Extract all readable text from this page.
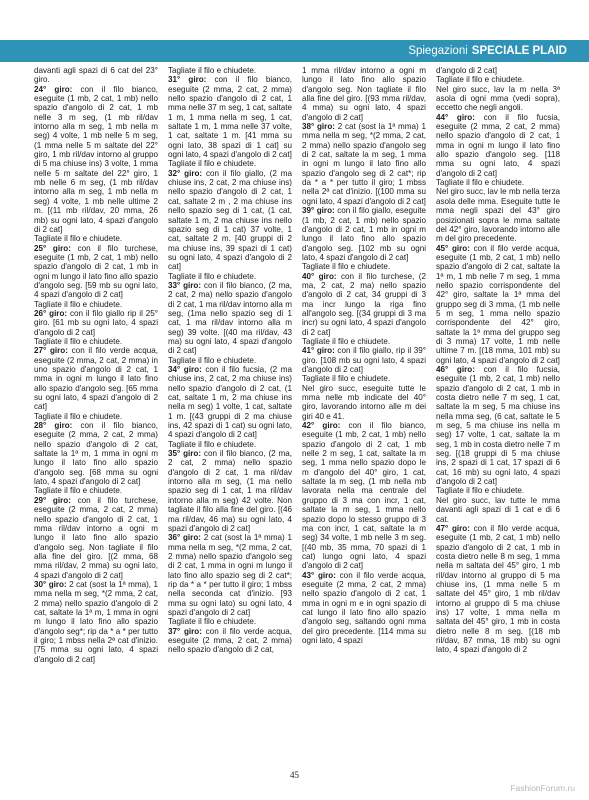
Spiegazioni SPECIALE PLAID

davanti agli spazi di 6 cat del 23° giro.

24° giro: con il filo bianco, eseguite (1 mb, 2 cat, 1 mb) nello spazio d'angolo di 2 cat, 1 mb nelle 3 m seg, (1 mb ril/dav intorno alla m seg, 1 mb nella m seg) 4 volte, 1 mb nelle 5 m seg, (1 mma nelle 5 m saltate del 22° giro, 1 mb ril/dav intorno al gruppo di 5 ma chiuse ins) 3 volte, 1 mma nelle 5 m saltate del 22° giro, 1 mb nelle 6 m seg, (1 mb ril/dav intorno alla m seg, 1 mb nella m seg) 4 volte, 1 mb nelle ultime 2 m. [(11 mb ril/dav, 20 mma, 26 mb) su ogni lato, 4 spazi d'angolo di 2 cat]

Tagliate il filo e chiudete.

25° giro: con il filo turchese, eseguite (1 mb, 2 cat, 1 mb) nello spazio d'angolo di 2 cat, 1 mb in ogni m lungo il lato fino allo spazio d'angolo seg. [59 mb su ogni lato, 4 spazi d'angolo di 2 cat]

Tagliate il filo e chiudete.

26° giro: con il filo giallo rip il 25° giro. [61 mb su ogni lato, 4 spazi d'angolo di 2 cat]

Tagliate il filo e chiudete.

27° giro: con il filo verde acqua, eseguite (2 mma, 2 cat, 2 mma) in uno spazio d'angolo di 2 cat, 1 mma in ogni m lungo il lato fino allo spazio d'angolo seg. [65 mma su ogni lato, 4 spazi d'angolo di 2 cat]

Tagliate il filo e chiudete.

28° giro: con il filo bianco, eseguite (2 mma, 2 cat, 2 mma) nello spazio d'angolo di 2 cat, saltate la 1ª m, 1 mma in ogni m lungo il lato fino allo spazio d'angolo seg. [68 mma su ogni lato, 4 spazi d'angolo di 2 cat]

Tagliate il filo e chiudete.

29° giro: con il filo turchese, eseguite (2 mma, 2 cat, 2 mma) nello spazio d'angolo di 2 cat, 1 mma ril/dav intorno a ogni m lungo il lato fino allo spazio d'angolo seg. Non tagliate il filo alla fine del giro. [(2 mma, 68 mma ril/dav, 2 mma) su ogni lato, 4 spazi d'angolo di 2 cat]

30° giro: 2 cat (sost la 1ª mma), 1 mma nella m seg, *(2 mma, 2 cat, 2 mma) nello spazio d'angolo di 2 cat, saltate la 1ª m, 1 mma in ogni m lungo il lato fino allo spazio d'angolo seg*; rip da * a * per tutto il giro; 1 mbss nella 2ª cat d'inizio. [75 mma su ogni lato, 4 spazi d'angolo di 2 cat]

Tagliate il filo e chiudete.

31° giro: con il filo bianco, eseguite (2 mma, 2 cat, 2 mma) nello spazio d'angolo di 2 cat, 1 mma nelle 37 m seg, 1 cat, saltate 1 m, 1 mma nella m seg, 1 cat, saltate 1 m, 1 mma nelle 37 volte, 1 cat, saltate 1 m. [41 mma su ogni lato, 38 spazi di 1 cat] su ogni lato, 4 spazi d'angolo di 2 cat]

Tagliate il filo e chiudete.

32° giro: con il filo giallo, (2 ma chiuse ins, 2 cat, 2 ma chiuse ins) nello spazio d'angolo di 2 cat, 1 cat, saltate 2 m , 2 ma chiuse ins nello spazio seg di 1 cat, (1 cat, saltate 1 m, 2 ma chiuse ins nello spazio seg di 1 cat) 37 volte, 1 cat, saltate 2 m. [40 gruppi di 2 ma chiuse ins, 39 spazi di 1 cat) su ogni lato, 4 spazi d'angolo di 2 cat]

Tagliate il filo e chiudete.

33° giro: con il filo bianco, (2 ma, 2 cat, 2 ma) nello spazio d'angolo di 2 cat, 1 ma ril/dav intorno alla m seg, (1ma nello spazio seg di 1 cat, 1 ma ril/dav intorno alla m seg) 39 volte. [(40 ma ril/dav, 43 ma) su ogni lato, 4 spazi d'angolo di 2 cat]

Tagliate il filo e chiudete.

34° giro: con il filo fucsia, (2 ma chiuse ins, 2 cat, 2 ma chiuse ins) nello spazio d'angolo di 2 cat, (1 cat, saltate 1 m, 2 ma chiuse ins nella m seg) 1 volte, 1 cat, saltate 1 m. [(43 gruppi di 2 ma chiuse ins, 42 spazi di 1 cat) su ogni lato, 4 spazi d'angolo di 2 cat]

Tagliate il filo e chiudete.

35° giro: con il filo bianco, (2 ma, 2 cat, 2 mma) nello spazio d'angolo di 2 cat, 1 ma ril/dav intorno alla m seg, (1 ma nello spazio seg di 1 cat, 1 ma ril/dav intorno alla m seg) 42 volte. Non tagliate il filo alla fine del giro. [(46 ma ril/dav, 46 ma) su ogni lato, 4 spazi d'angolo di 2 cat]

36° giro: 2 cat (sost la 1ª mma) 1 mma nella m seg, *(2 mma, 2 cat, 2 mma) nello spazio d'angolo seg di 2 cat, 1 mma in ogni m lungo il lato fino allo spazio seg di 2 cat*; rip da * a * per tutto il giro; 1 mbss nella seconda cat d'inizio. [93 mma su ogni lato) su ogni lato, 4 spazi d'angolo di 2 cat]

Tagliate il filo e chiudete.

37° giro: con il filo verde acqua, eseguite (2 mma, 2 cat, 2 mma) nello spazio d'angolo di 2 cat,

1 mma ril/dav intorno a ogni m lungo il lato fino allo spazio d'angolo seg. Non tagliate il filo alla fine del giro. [(93 mma ril/dav, 4 mma) su ogni lato, 4 spazi d'angolo di 2 cat]

38° giro: 2 cat (sost la 1ª mma) 1 mma nella m seg, *(2 mma, 2 cat, 2 mma) nello spazio d'angolo seg di 2 cat, saltate la m seg, 1 mma in ogni m lungo il lato fino allo spazio d'angolo seg di 2 cat*; rip da * a * per tutto il giro; 1 mbss nella 2ª cat d'inizio. [(100 mma su ogni lato, 4 spazi d'angolo di 2 cat]

39° giro: con il filo giallo, eseguite (1 mb, 2 cat, 1 mb) nello spazio d'angolo di 2 cat, 1 mb in ogni m lungo il lato fino allo spazio d'angolo seg. [102 mb su ogni lato, 4 spazi d'angolo di 2 cat]

Tagliate il filo e chiudete.

40° giro: con il filo turchese, (2 ma, 2 cat, 2 ma) nello spazio d'angolo di 2 cat, 34 gruppi di 3 ma incr lungo la riga fino all'angolo seg. [(34 gruppi di 3 ma incr) su ogni lato, 4 spazi d'angolo di 2 cat]

Tagliate il filo e chiudete.

41° giro: con il filo giallo, rip il 39° giro. [108 mb su ogni lato, 4 spazi d'angolo di 2 cat]

Tagliate il filo e chiudete.

Nel giro succ, eseguite tutte le mma nelle mb indicate del 40° giro, lavorando intorno alle m dei giri 40 e 41.

42° giro: con il filo bianco, eseguite (1 mb, 2 cat, 1 mb) nello spazio d'angolo di 2 cat, 1 mb nelle 2 m seg, 1 cat, saltate la m seg, 1 mma nello spazio dopo le m d'angolo del 40° giro, 1 cat, saltate la m seg, (1 mb nella mb lavorata nella ma centrale del gruppo di 3 ma con incr, 1 cat, saltate la m seg, 1 mma nello spazio dopo lo stesso gruppo di 3 ma con incr, 1 cat, saltate la m seg) 34 volte, 1 mb nelle 3 m seg. [(40 mb, 35 mma, 70 spazi di 1 cat) lungo ogni lato, 4 spazi d'angolo di 2 cat]

43° giro: con il filo verde acqua, eseguite (2 mma, 2 cat, 2 mma) nello spazio d'angolo di 2 cat, 1 mma in ogni m e in ogni spazio di cat lungo il lato fino allo spazio d'angolo seg, saltando ogni mma del giro precedente. [114 mma su ogni lato, 4 spazi

d'angolo di 2 cat]

Tagliate il filo e chiudete.

Nel giro succ, lav la m nella 3ª asola di ogni mma (vedi sopra), eccetto che negli angoli.

44° giro: con il filo fucsia, eseguite (2 mma, 2 cat, 2 mma) nello spazio d'angolo di 2 cat, 1 mma in ogni m lungo il lato fino allo spazio d'angolo seg. [118 mma su ogni lato, 4 spazi d'angolo di 2 cat]

Tagliate il filo e chiudete.

Nel giro succ, lav le mb nella terza asola delle mma. Eseguite tutte le mma negli spazi del 43° giro posizionati sopra le mma saltate del 42° giro, lavorando intorno alle m del giro precedente.

45° giro: con il filo verde acqua, eseguite (1 mb, 2 cat, 1 mb) nello spazio d'angolo di 2 cat, saltate la 1ª m, 1 mb nelle 7 m seg, 1 mma nello spazio corrispondente del 42° giro, saltate la 1ª mma del gruppo seg di 3 mma, (1 mb nelle 5 m seg, 1 mma nello spazio corrispondente del 42° giro, saltate la 1ª mma del gruppo seg di 3 mma) 17 volte, 1 mb nelle ultime 7 m. [(18 mma, 101 mb) su ogni lato, 4 spazi d'angolo di 2 cat]

46° giro: con il filo fucsia, eseguite (1 mb, 2 cat, 1 mb) nello spazio d'angolo di 2 cat, 1 mb in costa dietro nelle 7 m seg, 1 cat, saltate la m seg, 5 ma chiuse ins nella mma seg, (6 cat, saltate le 5 m seg, 5 ma chiuse ins nella m seg) 17 volte, 1 cat, saltate la m seg, 1 mb in costa dietro nelle 7 m seg. [(18 gruppi di 5 ma chiuse ins, 2 spazi di 1 cat, 17 spazi di 6 cat, 16 mb) su ogni lato, 4 spazi d'angolo di 2 cat]

Tagliate il filo e chiudete.

Nel giro succ, lav tutte le mma davanti agli spazi di 1 cat e di 6 cat.

47° giro: con il filo verde acqua, eseguite (1 mb, 2 cat, 1 mb) nello spazio d'angolo di 2 cat, 1 mb in costa dietro nelle 8 m seg, 1 mma nella m saltata del 45° giro, 1 mb ril/dav intorno al gruppo di 5 ma chiuse ins, (1 mma nelle 5 m saltate del 45° giro, 1 mb ril/dav intorno al gruppo di 5 ma chiuse ins) 17 volte, 1 mma nella m saltata del 45° giro, 1 mb in costa dietro nelle 8 m seg. [(18 mb ril/dav, 87 mma, 18 mb) su ogni lato, 4 spazi d'angolo di 2

45
FashionForum.ru
